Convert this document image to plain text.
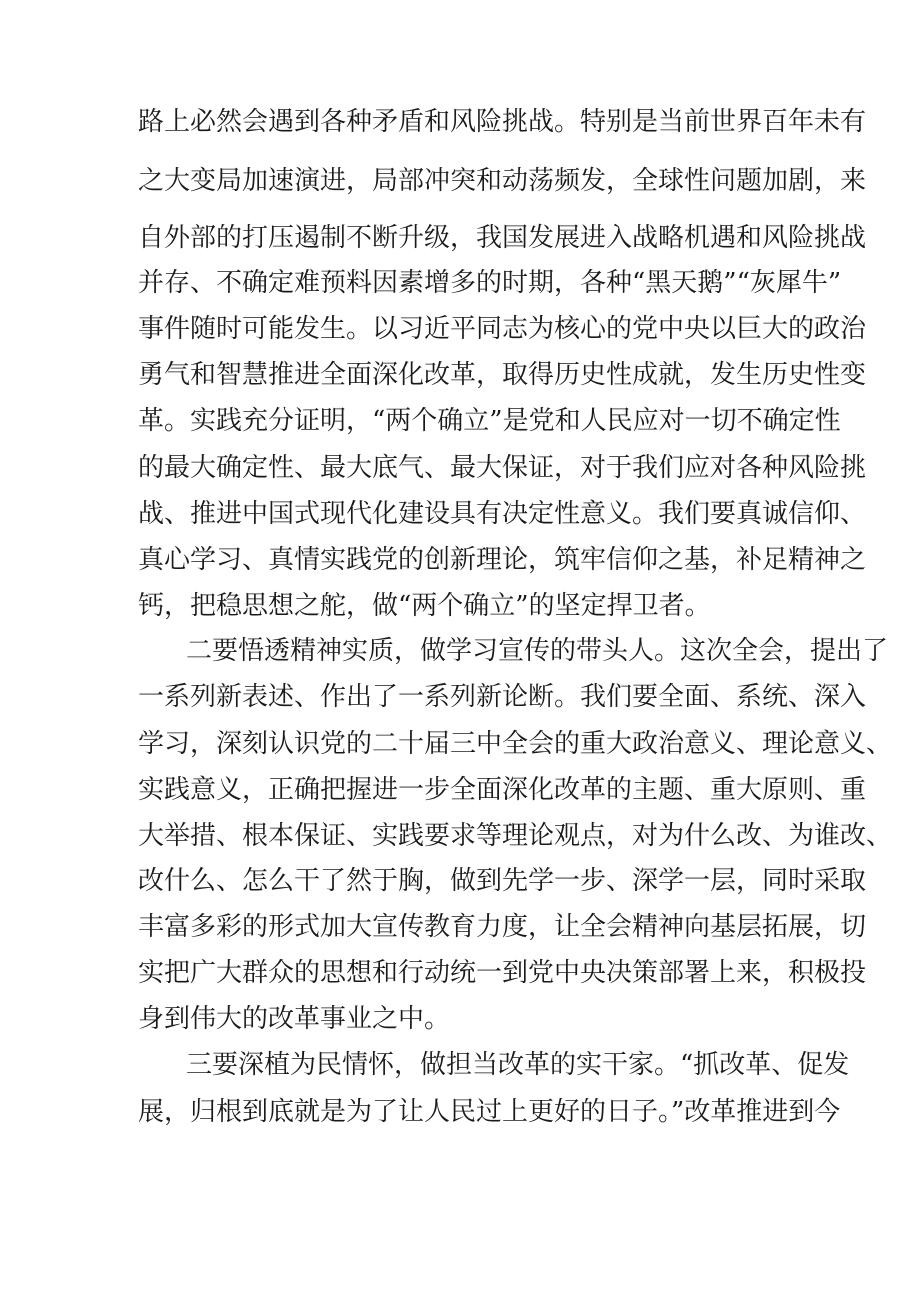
路上必然会遇到各种矛盾和风险挑战。特别是当前世界百年未有
之大变局加速演进，局部冲突和动荡频发，全球性问题加剧，来
自外部的打压遏制不断升级，我国发展进入战略机遇和风险挑战
并存、不确定难预料因素增多的时期，各种“黑天鹅”“灰犀牛”
事件随时可能发生。以习近平同志为核心的党中央以巨大的政治
勇气和智慧推进全面深化改革，取得历史性成就，发生历史性变
革。实践充分证明，“两个确立”是党和人民应对一切不确定性
的最大确定性、最大底气、最大保证，对于我们应对各种风险挑
战、推进中国式现代化建设具有决定性意义。我们要真诚信仰、
真心学习、真情实践党的创新理论，筑牢信仰之基，补足精神之
钙，把稳思想之舵，做“两个确立”的坚定捍卫者。
二要悟透精神实质，做学习宣传的带头人。这次全会，提出了
一系列新表述、作出了一系列新论断。我们要全面、系统、深入
学习，深刻认识党的二十届三中全会的重大政治意义、理论意义、
实践意义，正确把握进一步全面深化改革的主题、重大原则、重
大举措、根本保证、实践要求等理论观点，对为什么改、为谁改、
改什么、怎么干了然于胸，做到先学一步、深学一层，同时采取
丰富多彩的形式加大宣传教育力度，让全会精神向基层拓展，切
实把广大群众的思想和行动统一到党中央决策部署上来，积极投
身到伟大的改革事业之中。
三要深植为民情怀，做担当改革的实干家。“抓改革、促发
展，归根到底就是为了让人民过上更好的日子。”改革推进到今
